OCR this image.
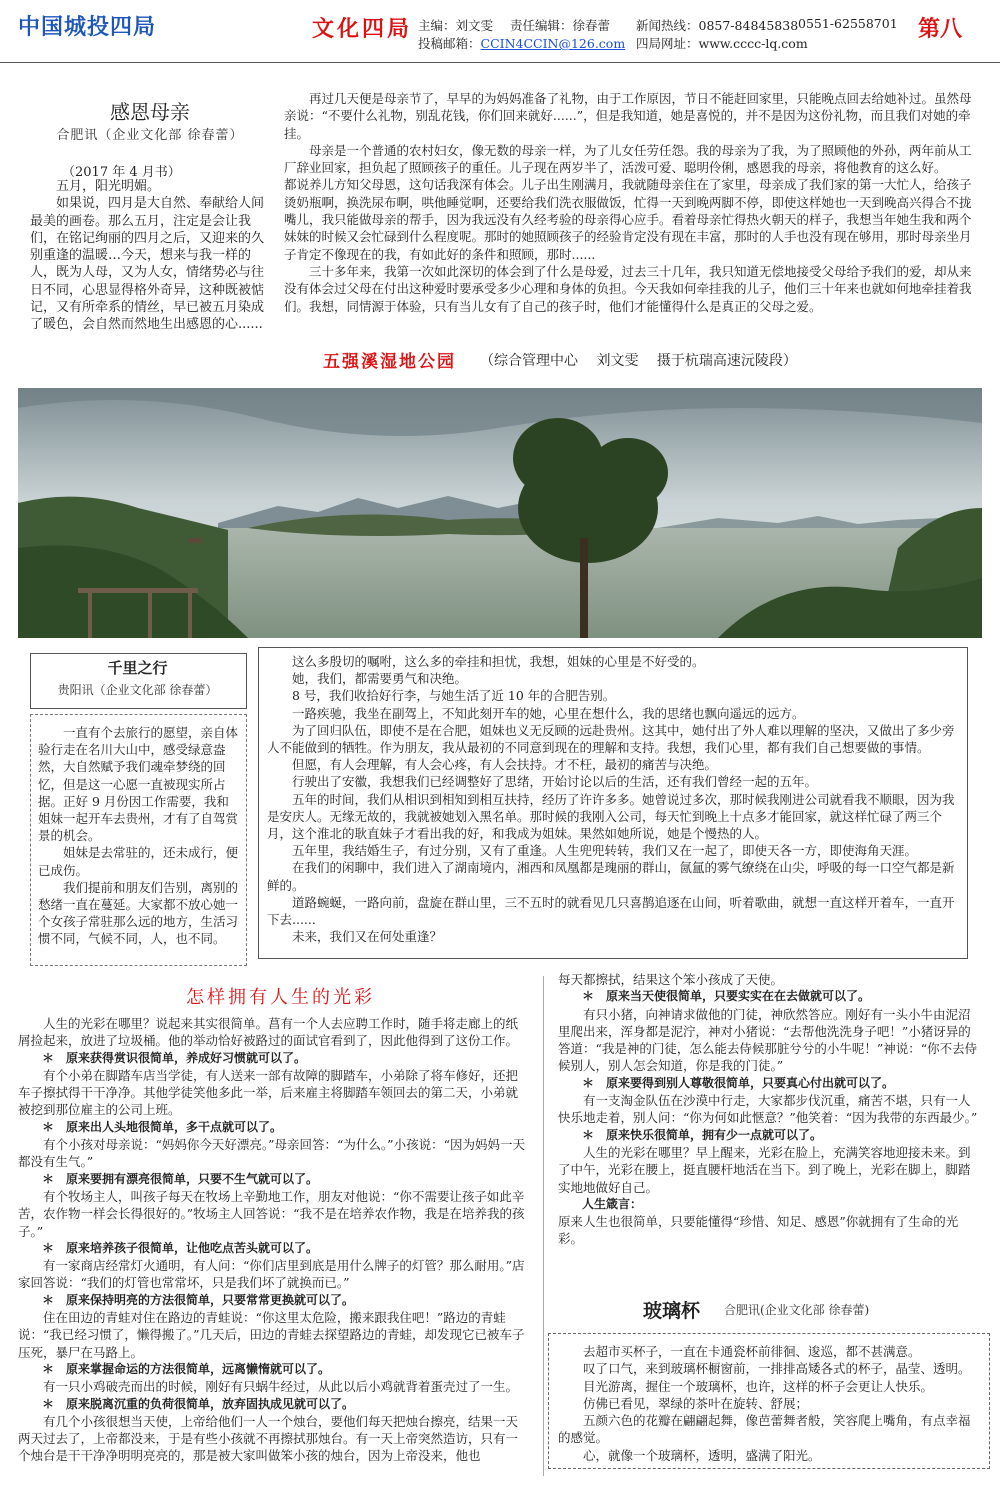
中国城投四局	文化四局 主编：刘文雯 责任编辑：徐春蕾 新闻热线：0857-84845838 0551-62558701
投稿邮箱：CCIN4CCIN@126.com 四局网址：www.cccc-lq.com
第八
感恩母亲
合肥讯（企业文化部 徐春蕾）
（2017 年 4 月书）

五月，阳光明媚。

如果说，四月是大自然、奉献给人间最美的画卷。那么五月，注定是会让我们，在铭记绚丽的四月之后，又迎来的久别重逢的温暖…今天，想来与我一样的人，既为人母，又为人女，情绪势必与往日不同，心思显得格外奇异，这种既被惦记，又有所牵系的情丝，早已被五月染成了暖色，会自然而然地生出感恩的心......

再过几天便是母亲节了，早早的为妈妈准备了礼物，由于工作原因，节日不能赶回家里，只能晚点回去给她补过。虽然母亲说：“不要什么礼物，别乱花钱，你们回来就好......”，但是我知道，她是喜悦的，并不是因为这份礼物，而且我们对她的牵挂。

母亲是一个普通的农村妇女，像无数的母亲一样，为了儿女任劳任怨。我的母亲为了我，为了照顾他的外孙，两年前从工厂辞业回家，担负起了照顾孩子的重任。儿子现在两岁半了，活泼可爱、聪明伶俐，感恩我的母亲，将他教育的这么好。

都说养儿方知父母恩，这句话我深有体会。儿子出生刚满月，我就随母亲住在了家里，母亲成了我们家的第一大忙人，给孩子烫奶瓶啊，换洗尿布啊，哄他睡觉啊，还要给我们洗衣服做饭，忙得一天到晚两脚不停，即使这样她也一天到晚高兴得合不拢嘴儿，我只能做母亲的帮手，因为我远没有久经考验的母亲得心应手。看着母亲忙得热火朝天的样子，我想当年她生我和两个妹妹的时候又会忙碌到什么程度呢。那时的她照顾孩子的经验肯定没有现在丰富，那时的人手也没有现在够用，那时母亲坐月子肯定不像现在的我，有如此好的条件和照顾，那时......

三十多年来，我第一次如此深切的体会到了什么是母爱，过去三十几年，我只知道无偿地接受父母给予我们的爱，却从来没有体会过父母在付出这种爱时要承受多少心理和身体的负担。今天我如何牵挂我的儿子，他们三十年来也就如何地牵挂着我们。我想，同情源于体验，只有当儿女有了自己的孩子时，他们才能懂得什么是真正的父母之爱。

五强溪湿地公园 （综合管理中心　 刘文雯　 摄于杭瑞高速沅陵段）
千里之行
贵阳讯（企业文化部 徐春蕾）

一直有个去旅行的愿望，亲自体验行走在名川大山中，感受绿意盎然，大自然赋予我们魂牵梦绕的回忆，但是这一心愿一直被现实所占据。正好 9 月份因工作需要，我和姐妹一起开车去贵州，才有了自驾赏景的机会。

姐妹是去常驻的，还未成行，便已成伤。

我们提前和朋友们告别，离别的愁绪一直在蔓延。大家都不放心她一个女孩子常驻那么远的地方，生活习惯不同，气候不同，人，也不同。

这么多殷切的嘱咐，这么多的牵挂和担忧，我想，姐妹的心里是不好受的。

她，我们，都需要勇气和决绝。

8 号，我们收拾好行李，与她生活了近 10 年的合肥告别。

一路疾驰，我坐在副驾上，不知此刻开车的她，心里在想什么，我的思绪也飘向遥远的远方。

为了回归队伍，即使不是在合肥，姐妹也义无反顾的远赴贵州。这其中，她付出了外人难以理解的坚决，又做出了多少旁人不能做到的牺牲。作为朋友，我从最初的不同意到现在的理解和支持。我想，我们心里，都有我们自己想要做的事情。

但愿，有人会理解，有人会心疼，有人会扶持。才不枉，最初的痛苦与决绝。

行驶出了安徽，我想我们已经调整好了思绪，开始讨论以后的生活，还有我们曾经一起的五年。

五年的时间，我们从相识到相知到相互扶持，经历了许许多多。她曾说过多次，那时候我刚进公司就看我不顺眼，因为我是安庆人。无缘无故的，我就被她划入黑名单。那时候的我刚入公司，每天忙到晚上十点多才能回家，就这样忙碌了两三个月，这个淮北的耿直妹子才看出我的好，和我成为姐妹。果然如她所说，她是个慢热的人。

五年里，我结婚生子，有过分别，又有了重逢。人生兜兜转转，我们又在一起了，即使天各一方，即使海角天涯。

在我们的闲聊中，我们进入了湖南境内，湘西和凤凰都是瑰丽的群山，氤氲的雾气缭绕在山尖，呼吸的每一口空气都是新鲜的。

道路蜿蜒，一路向前，盘旋在群山里，三不五时的就看见几只喜鹊追逐在山间，听着歌曲，就想一直这样开着车，一直开下去......

未来，我们又在何处重逢？

怎样拥有人生的光彩

人生的光彩在哪里？说起来其实很简单。菖有一个人去应聘工作时，随手将走廊上的纸屑捡起来，放进了垃圾桶。他的举动恰好被路过的面试官看到了，因此他得到了这份工作。

＊　原来获得赏识很简单，养成好习惯就可以了。

有个小弟在脚踏车店当学徒，有人送来一部有故障的脚踏车，小弟除了将车修好，还把车子擦拭得干干净净。其他学徒笑他多此一举，后来雇主将脚踏车领回去的第二天，小弟就被挖到那位雇主的公司上班。

＊　原来出人头地很简单，多干点就可以了。

有个小孩对母亲说：“妈妈你今天好漂亮。”母亲回答：“为什么。”小孩说：“因为妈妈一天都没有生气。”

＊　原来要拥有漂亮很简单，只要不生气就可以了。

有个牧场主人，叫孩子每天在牧场上辛勤地工作，朋友对他说：“你不需要让孩子如此辛苦，农作物一样会长得很好的。”牧场主人回答说：“我不是在培养农作物，我是在培养我的孩子。”

＊　原来培养孩子很简单，让他吃点苦头就可以了。

有一家商店经常灯火通明，有人问：“你们店里到底是用什么牌子的灯管？那么耐用。”店家回答说：“我们的灯管也常常坏，只是我们坏了就换而已。”

＊　原来保持明亮的方法很简单，只要常常更换就可以了。

住在田边的青蛙对住在路边的青蛙说：“你这里太危险，搬来跟我住吧！”路边的青蛙说：“我已经习惯了，懒得搬了。”几天后，田边的青蛙去探望路边的青蛙，却发现它已被车子压死，暴尸在马路上。

＊　原来掌握命运的方法很简单，远离懒惰就可以了。

有一只小鸡破壳而出的时候，刚好有只蜗牛经过，从此以后小鸡就背着蛋壳过了一生。

＊　原来脱离沉重的负荷很简单，放弃固执成见就可以了。

有几个小孩很想当天使，上帝给他们一人一个烛台，要他们每天把烛台擦亮，结果一天两天过去了，上帝都没来，于是有些小孩就不再擦拭那烛台。有一天上帝突然造访，只有一个烛台是干干净净明明亮亮的，那是被大家叫做笨小孩的烛台，因为上帝没来，他也

每天都擦拭，结果这个笨小孩成了天使。

＊　原来当天使很简单，只要实实在在去做就可以了。

有只小猪，向神请求做他的门徒，神欣然答应。刚好有一头小牛由泥沼里爬出来，浑身都是泥泞，神对小猪说：“去帮他洗洗身子吧！”小猪讶异的答道：“我是神的门徒，怎么能去侍候那脏兮兮的小牛呢！”神说：“你不去侍候别人，别人怎会知道，你是我的门徒。”

＊　原来要得到别人尊敬很简单，只要真心付出就可以了。

有一支淘金队伍在沙漠中行走，大家都步伐沉重，痛苦不堪，只有一人快乐地走着，别人问：“你为何如此惬意？”他笑着：“因为我带的东西最少。”

＊　原来快乐很简单，拥有少一点就可以了。

人生的光彩在哪里？早上醒来，光彩在脸上，充满笑容地迎接未来。到了中午，光彩在腰上，挺直腰杆地活在当下。到了晚上，光彩在脚上，脚踏实地地做好自己。

人生箴言：

原来人生也很简单，只要能懂得“珍惜、知足、感恩”你就拥有了生命的光彩。

玻璃杯 合肥讯(企业文化部 徐春蕾)

去超市买杯子，一直在卡通瓷杯前徘徊、逡巡，都不甚满意。

叹了口气，来到玻璃杯橱窗前，一排排高矮各式的杯子，晶莹、透明。

目光游离，握住一个玻璃杯，也许，这样的杯子会更让人快乐。

仿佛已看见，翠绿的茶叶在旋转、舒展；

五颜六色的花瓣在翩翩起舞，像芭蕾舞者般，笑容爬上嘴角，有点幸福的感觉。

心，就像一个玻璃杯，透明，盛满了阳光。
